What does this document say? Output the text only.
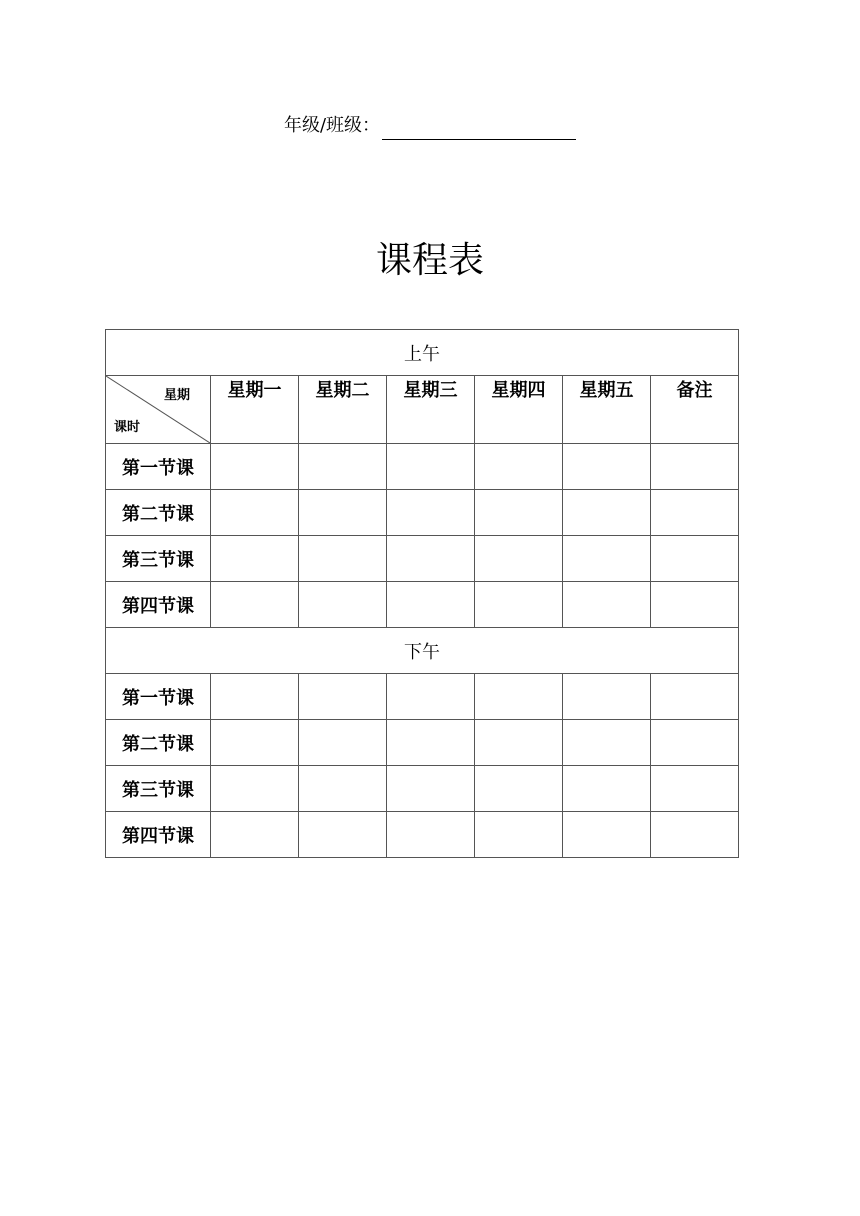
年级/班级：
课程表
上午						

星期
课时	星期一	星期二	星期三	星期四	星期五	备注
第一节课						
第二节课						
第三节课						
第四节课						
下午						
第一节课						
第二节课						
第三节课						
第四节课						
